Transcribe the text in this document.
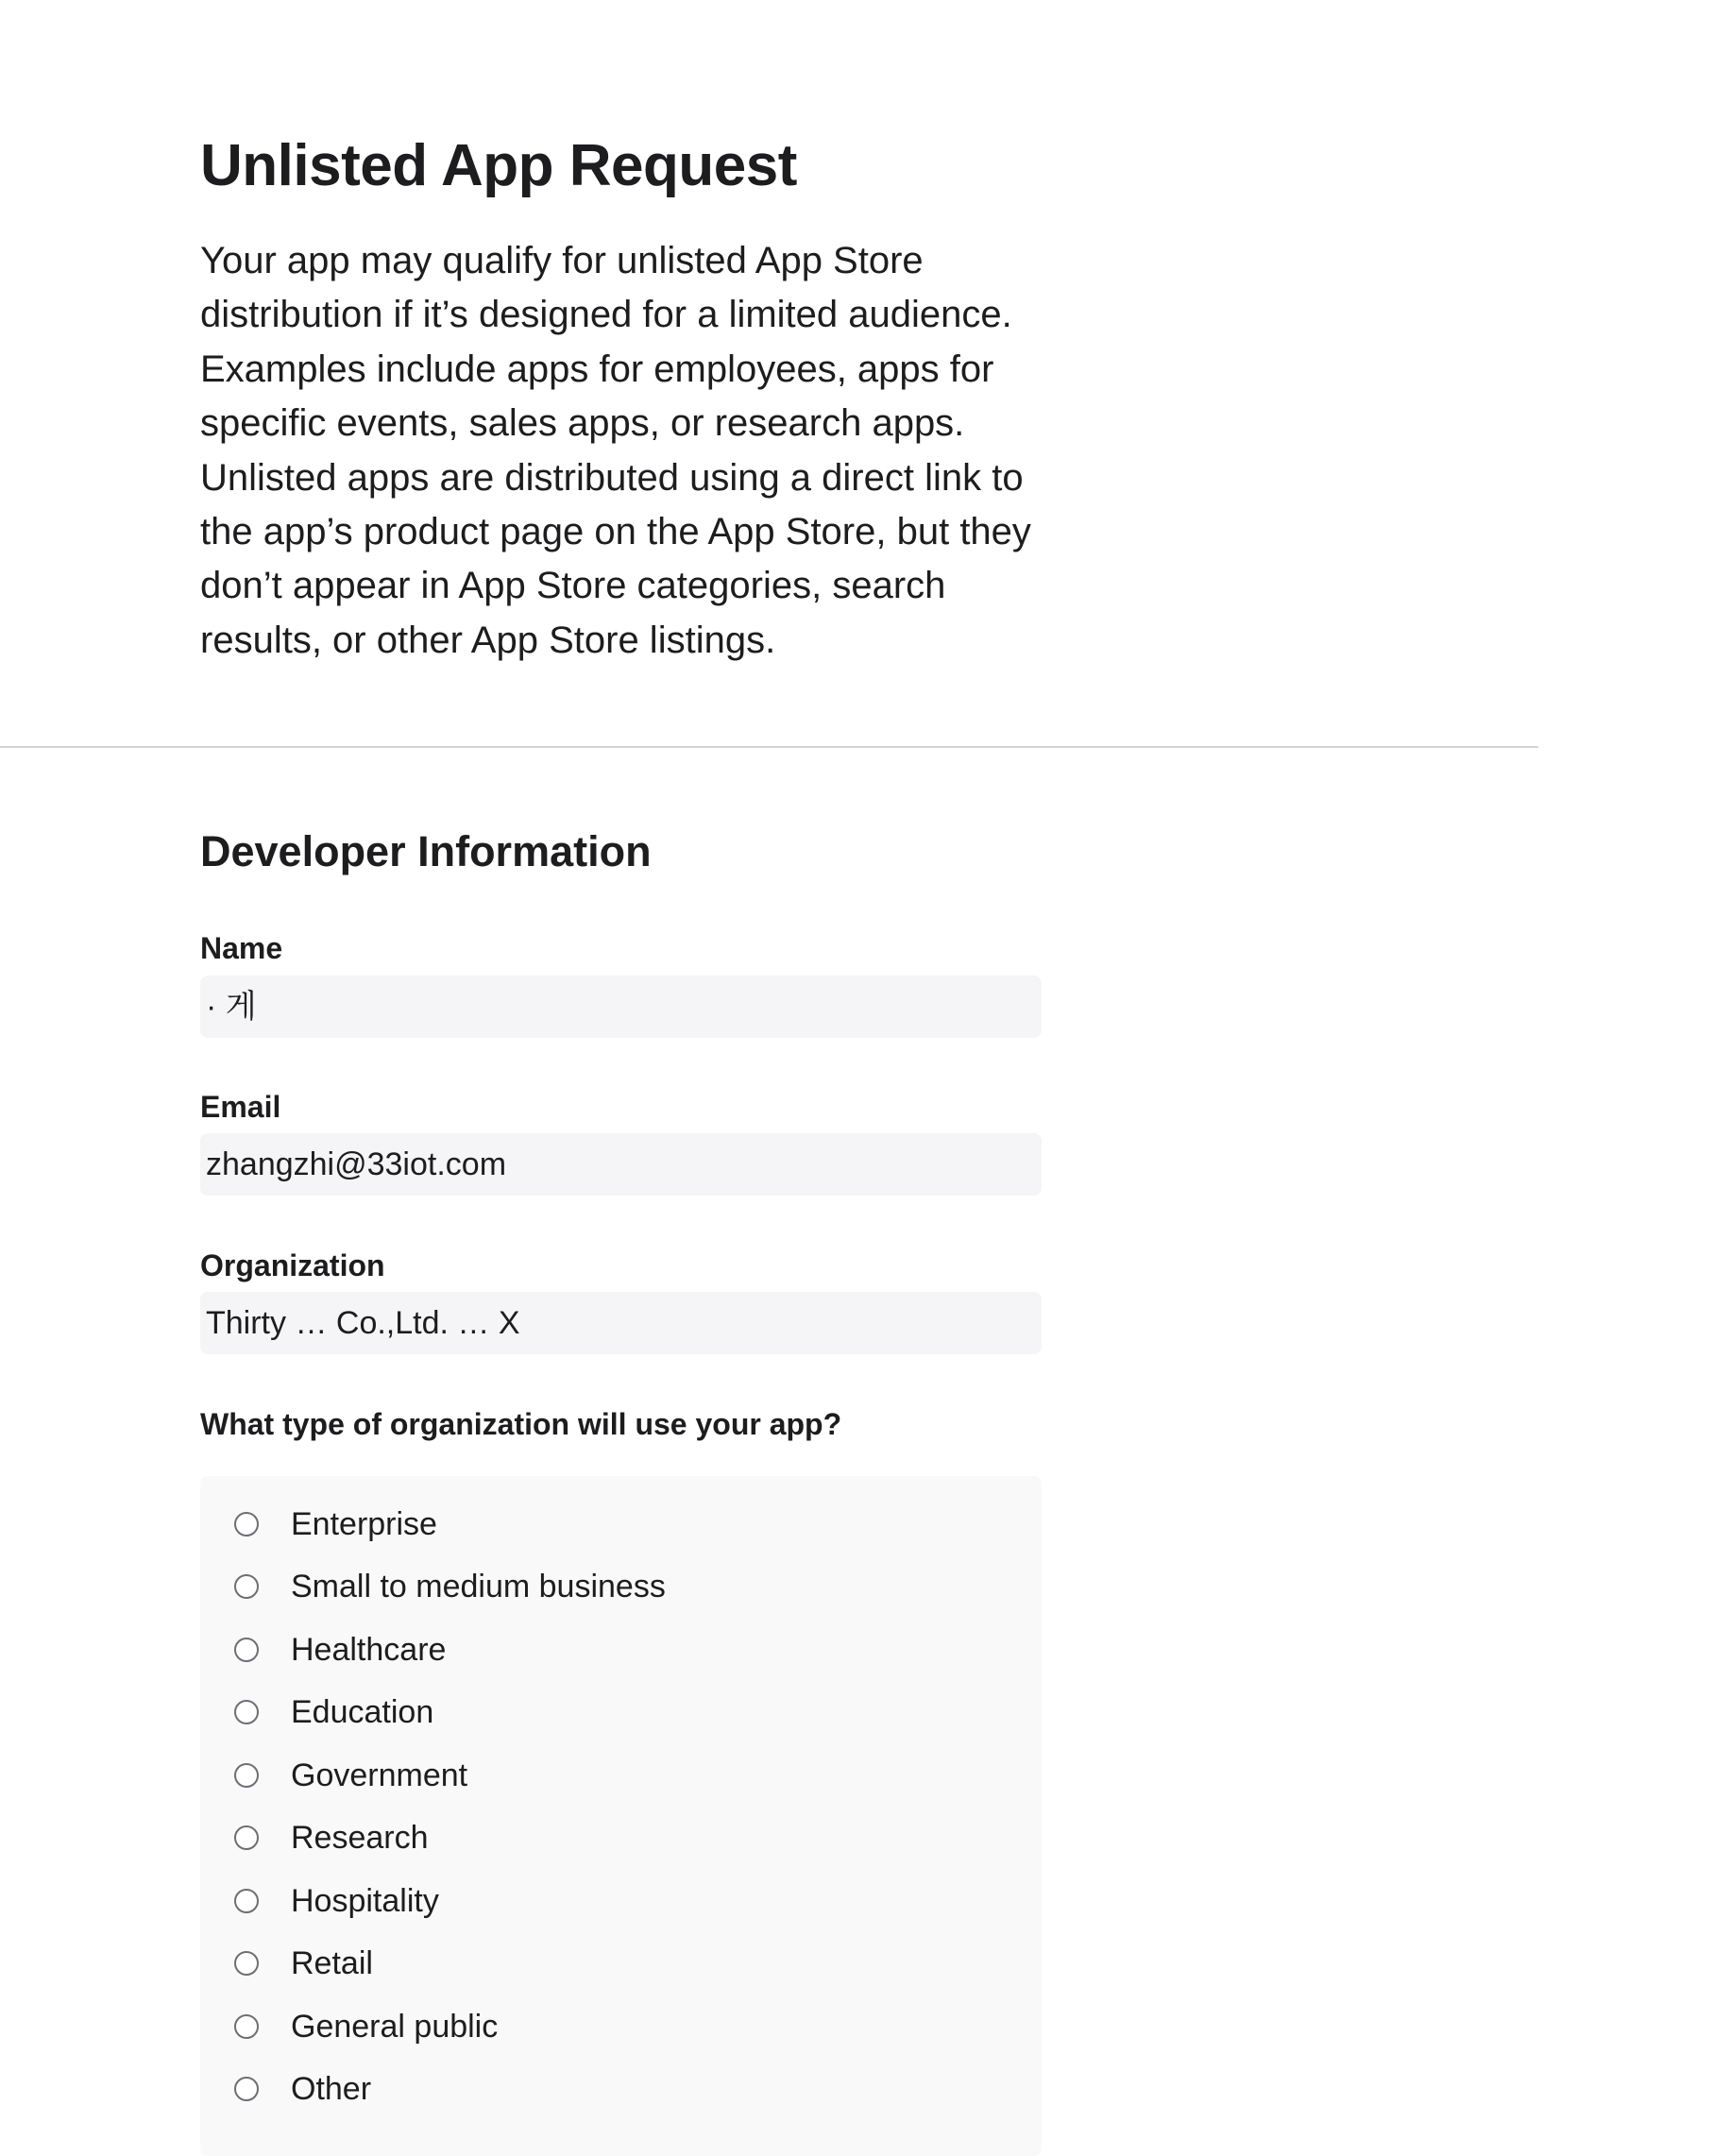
Unlisted App Request

Your app may qualify for unlisted App Store distribution if it’s designed for a limited audience. Examples include apps for employees, apps for specific events, sales apps, or research apps. Unlisted apps are distributed using a direct link to the app’s product page on the App Store, but they don’t appear in App Store categories, search results, or other App Store listings.

Developer Information
Name
· 게
Email
zhangzhi@33iot.com
Organization
Thirty … Co.,Ltd. … X
What type of organization will use your app?
Enterprise
Small to medium business
Healthcare
Education
Government
Research
Hospitality
Retail
General public
Other
